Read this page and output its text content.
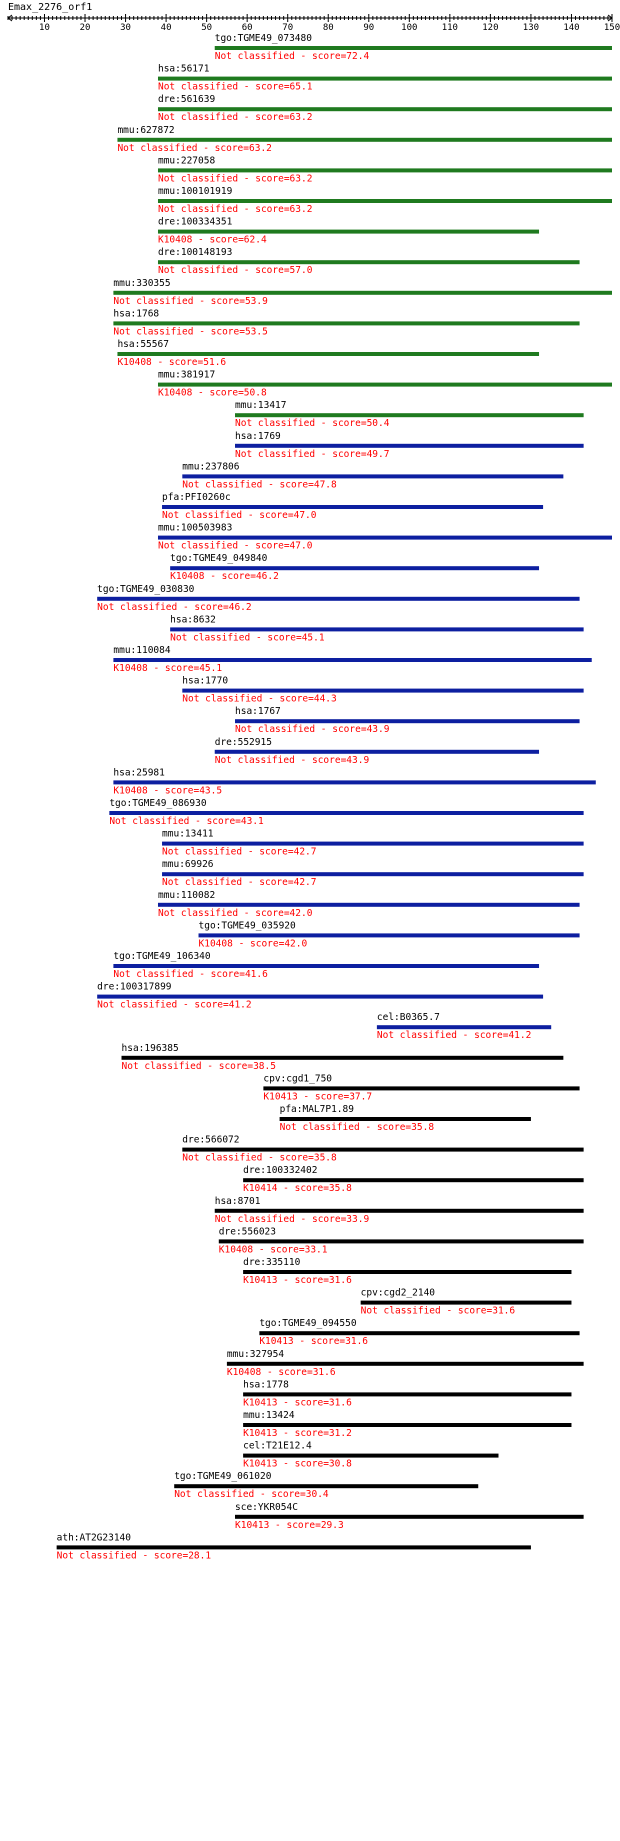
Emax_2276_orf1
10	20	30	40	50	60	70	80	90	100	110	120	130	140	150
tgo:TGME49_073480
Not classified - score=72.4
hsa:56171
Not classified - score=65.1
dre:561639
Not classified - score=63.2
mmu:627872
Not classified - score=63.2
mmu:227058
Not classified - score=63.2
mmu:100101919
Not classified - score=63.2
dre:100334351
K10408 - score=62.4
dre:100148193
Not classified - score=57.0
mmu:330355
Not classified - score=53.9
hsa:1768
Not classified - score=53.5
hsa:55567
K10408 - score=51.6
mmu:381917
K10408 - score=50.8
mmu:13417
Not classified - score=50.4
hsa:1769
Not classified - score=49.7
mmu:237806
Not classified - score=47.8
pfa:PFI0260c
Not classified - score=47.0
mmu:100503983
Not classified - score=47.0
tgo:TGME49_049840
K10408 - score=46.2
tgo:TGME49_030830
Not classified - score=46.2
hsa:8632
Not classified - score=45.1
mmu:110084
K10408 - score=45.1
hsa:1770
Not classified - score=44.3
hsa:1767
Not classified - score=43.9
dre:552915
Not classified - score=43.9
hsa:25981
K10408 - score=43.5
tgo:TGME49_086930
Not classified - score=43.1
mmu:13411
Not classified - score=42.7
mmu:69926
Not classified - score=42.7
mmu:110082
Not classified - score=42.0
tgo:TGME49_035920
K10408 - score=42.0
tgo:TGME49_106340
Not classified - score=41.6
dre:100317899
Not classified - score=41.2
cel:B0365.7
Not classified - score=41.2
hsa:196385
Not classified - score=38.5
cpv:cgd1_750
K10413 - score=37.7
pfa:MAL7P1.89
Not classified - score=35.8
dre:566072
Not classified - score=35.8
dre:100332402
K10414 - score=35.8
hsa:8701
Not classified - score=33.9
dre:556023
K10408 - score=33.1
dre:335110
K10413 - score=31.6
cpv:cgd2_2140
Not classified - score=31.6
tgo:TGME49_094550
K10413 - score=31.6
mmu:327954
K10408 - score=31.6
hsa:1778
K10413 - score=31.6
mmu:13424
K10413 - score=31.2
cel:T21E12.4
K10413 - score=30.8
tgo:TGME49_061020
Not classified - score=30.4
sce:YKR054C
K10413 - score=29.3
ath:AT2G23140
Not classified - score=28.1
